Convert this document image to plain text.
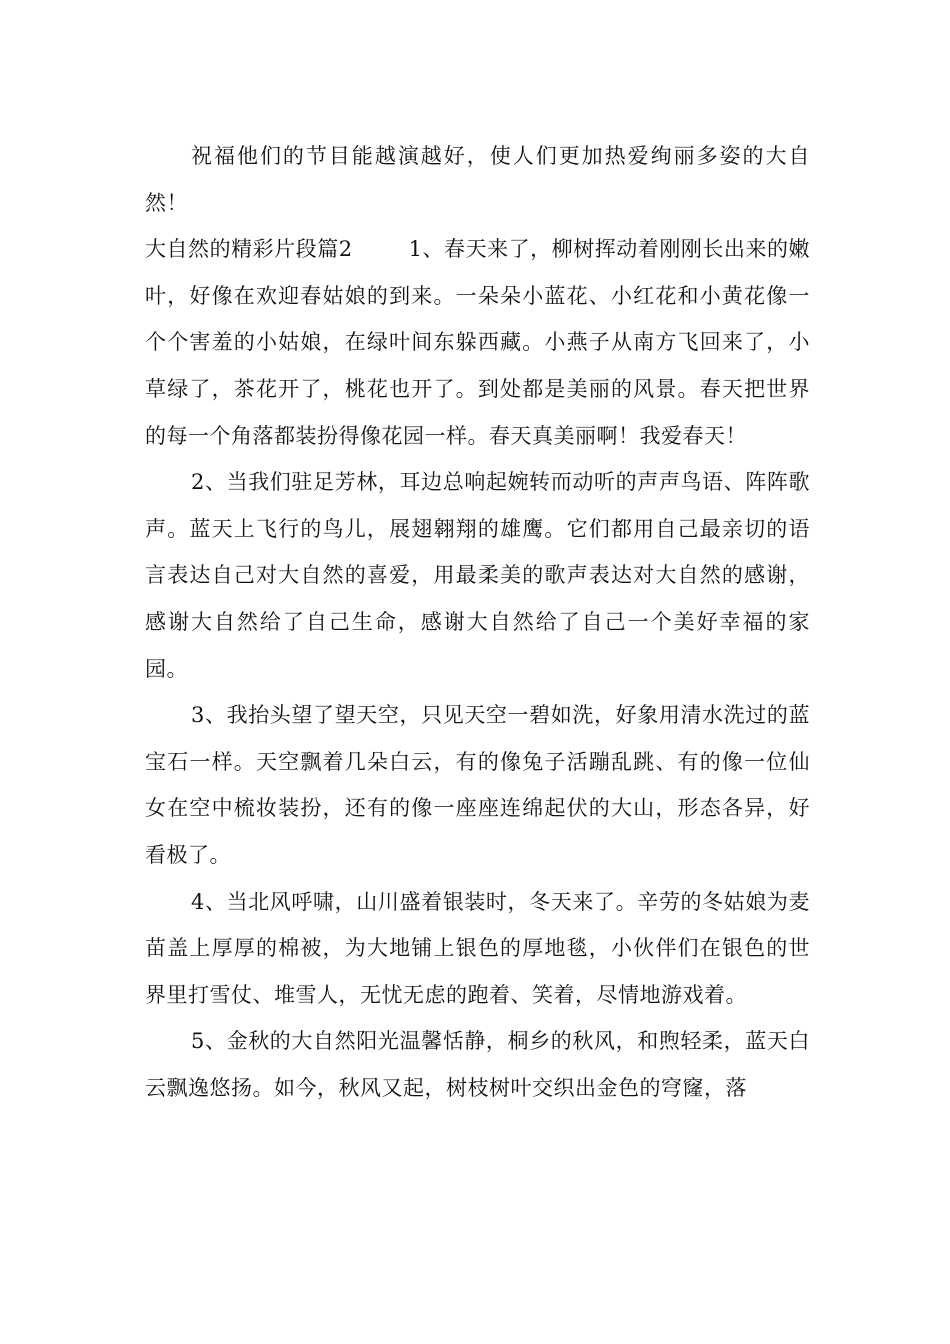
祝福他们的节目能越演越好，使人们更加热爱绚丽多姿的大自然！

大自然的精彩片段篇2	1、春天来了，柳树挥动着刚刚长出来的嫩叶，好像在欢迎春姑娘的到来。一朵朵小蓝花、小红花和小黄花像一个个害羞的小姑娘，在绿叶间东躲西藏。小燕子从南方飞回来了，小草绿了，茶花开了，桃花也开了。到处都是美丽的风景。春天把世界的每一个角落都装扮得像花园一样。春天真美丽啊！我爱春天！

2、当我们驻足芳林，耳边总响起婉转而动听的声声鸟语、阵阵歌声。蓝天上飞行的鸟儿，展翅翱翔的雄鹰。它们都用自己最亲切的语言表达自己对大自然的喜爱，用最柔美的歌声表达对大自然的感谢，感谢大自然给了自己生命，感谢大自然给了自己一个美好幸福的家园。

3、我抬头望了望天空，只见天空一碧如洗，好象用清水洗过的蓝宝石一样。天空飘着几朵白云，有的像兔子活蹦乱跳、有的像一位仙女在空中梳妆装扮，还有的像一座座连绵起伏的大山，形态各异，好看极了。

4、当北风呼啸，山川盛着银装时，冬天来了。辛劳的冬姑娘为麦苗盖上厚厚的棉被，为大地铺上银色的厚地毯，小伙伴们在银色的世界里打雪仗、堆雪人，无忧无虑的跑着、笑着，尽情地游戏着。

5、金秋的大自然阳光温馨恬静，桐乡的秋风，和煦轻柔，蓝天白云飘逸悠扬。如今，秋风又起，树枝树叶交织出金色的穹窿，落
